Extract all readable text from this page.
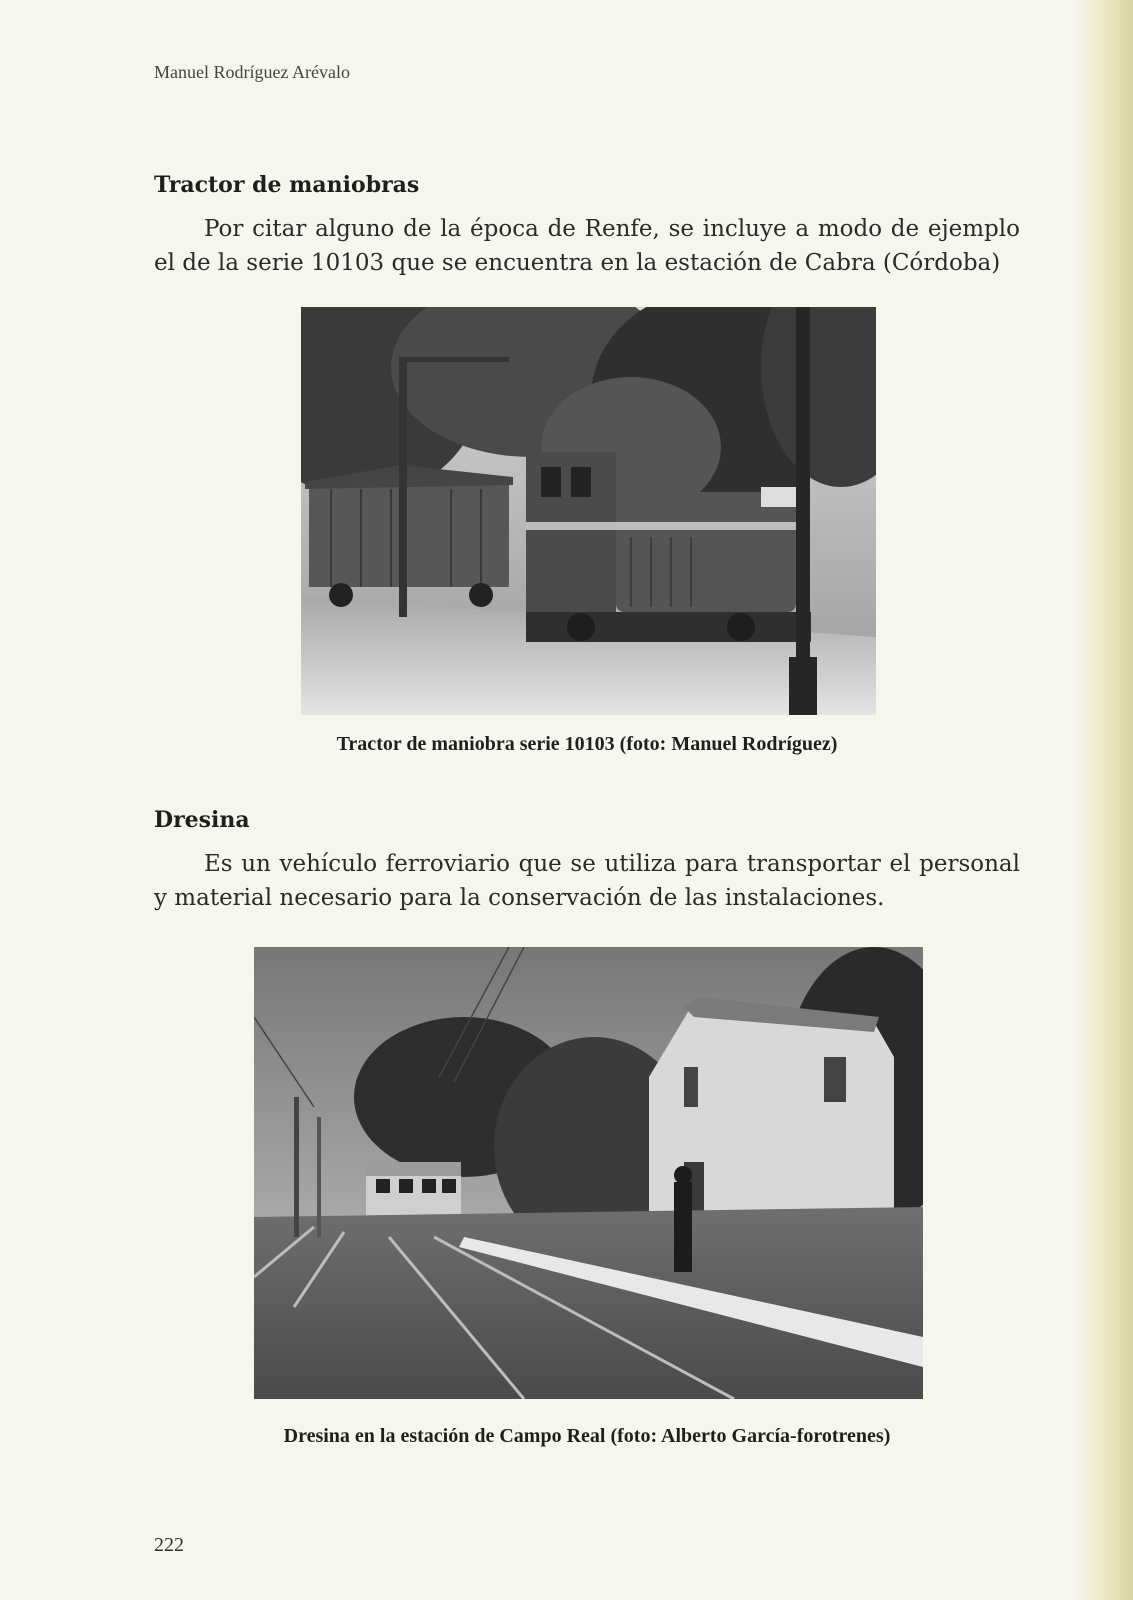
Manuel Rodríguez Arévalo
Tractor de maniobras
Por citar alguno de la época de Renfe, se incluye a modo de ejemplo el de la serie 10103 que se encuentra en la estación de Cabra (Córdoba)
Tractor de maniobra serie 10103 (foto: Manuel Rodríguez)
Dresina
Es un vehículo ferroviario que se utiliza para transportar el personal y material necesario para la conservación de las instalaciones.
Dresina en la estación de Campo Real (foto: Alberto García-forotrenes)
222
